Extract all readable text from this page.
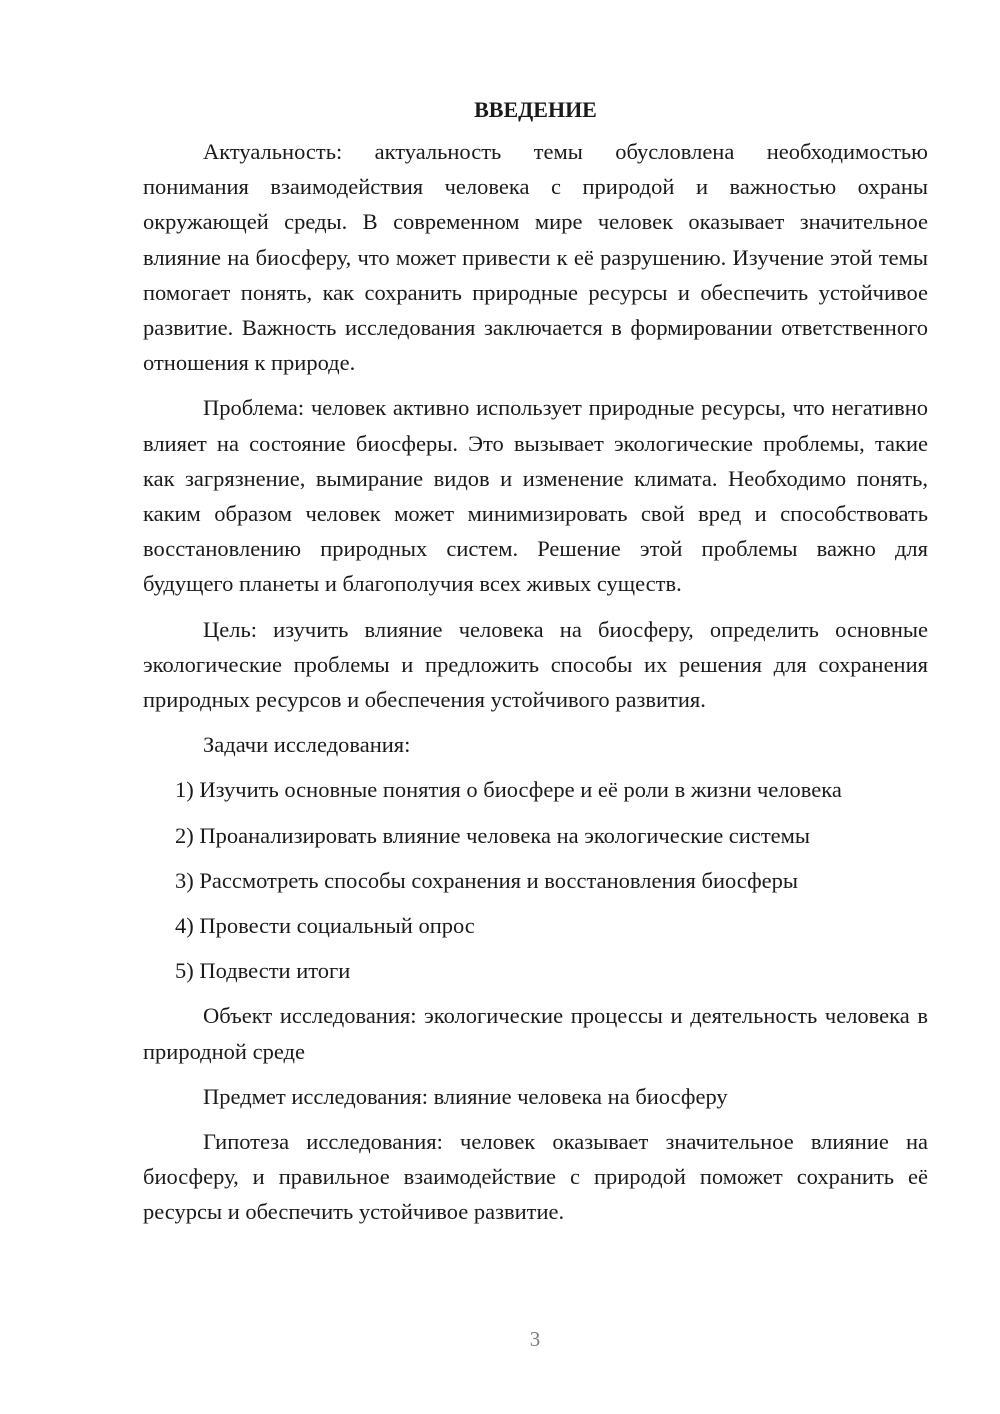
ВВЕДЕНИЕ

Актуальность: актуальность темы обусловлена необходимостью понимания взаимодействия человека с природой и важностью охраны окружающей среды. В современном мире человек оказывает значительное влияние на биосферу, что может привести к её разрушению. Изучение этой темы помогает понять, как сохранить природные ресурсы и обеспечить устойчивое развитие. Важность исследования заключается в формировании ответственного отношения к природе.

Проблема: человек активно использует природные ресурсы, что негативно влияет на состояние биосферы. Это вызывает экологические проблемы, такие как загрязнение, вымирание видов и изменение климата. Необходимо понять, каким образом человек может минимизировать свой вред и способствовать восстановлению природных систем. Решение этой проблемы важно для будущего планеты и благополучия всех живых существ.

Цель: изучить влияние человека на биосферу, определить основные экологические проблемы и предложить способы их решения для сохранения природных ресурсов и обеспечения устойчивого развития.

Задачи исследования:

1) Изучить основные понятия о биосфере и её роли в жизни человека
2) Проанализировать влияние человека на экологические системы
3) Рассмотреть способы сохранения и восстановления биосферы
4) Провести социальный опрос
5) Подвести итоги

Объект исследования: экологические процессы и деятельность человека в природной среде

Предмет исследования: влияние человека на биосферу

Гипотеза исследования: человек оказывает значительное влияние на биосферу, и правильное взаимодействие с природой поможет сохранить её ресурсы и обеспечить устойчивое развитие.

3
